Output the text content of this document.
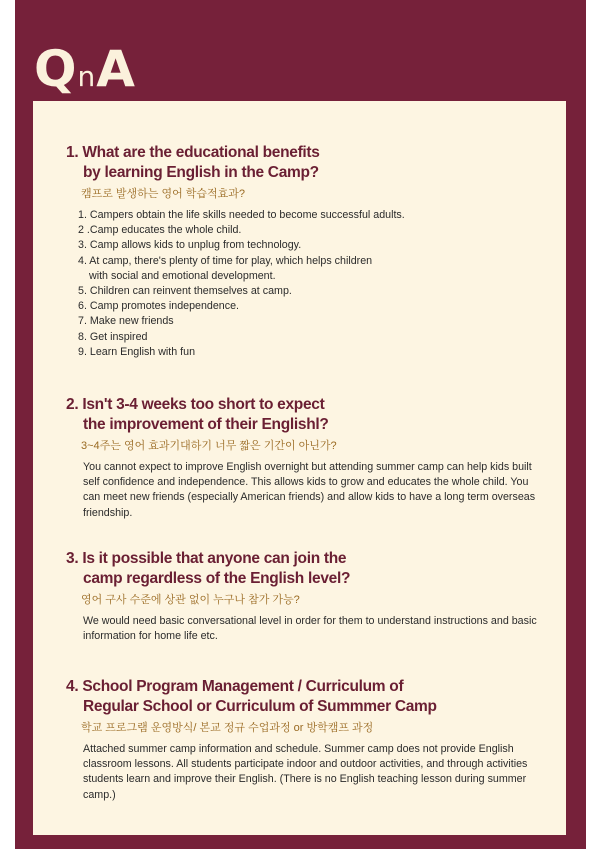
Q n A
1. What are the educational benefits
by learning English in the Camp?
캠프로 발생하는 영어 학습적효과?
1. Campers obtain the life skills needed to become successful adults.
2 .Camp educates the whole child.
3. Camp allows kids to unplug from technology.
4. At camp, there's plenty of time for play, which helps children
with social and emotional development.
5. Children can reinvent themselves at camp.
6. Camp promotes independence.
7. Make new friends
8. Get inspired
9. Learn English with fun
2. Isn't 3-4 weeks too short to expect
the improvement of their Englishl?
3~4주는 영어 효과기대하기 너무 짧은 기간이 아닌가?

You cannot expect to improve English overnight but attending summer camp can help kids built self confidence and independence. This allows kids to grow and educates the whole child. You can meet new friends (especially American friends) and allow kids to have a long term overseas friendship.

3. Is it possible that anyone can join the
camp regardless of the English level?
영어 구사 수준에 상관 없이 누구나 참가 가능?

We would need basic conversational level in order for them to understand instructions and basic information for home life etc.

4. School Program Management / Curriculum of
Regular School or Curriculum of Summmer Camp
학교 프로그램 운영방식/ 본교 정규 수업과정 or 방학캠프 과정

Attached summer camp information and schedule. Summer camp does not provide English classroom lessons. All students participate indoor and outdoor activities, and through activities students learn and improve their English. (There is no English teaching lesson during summer camp.)
